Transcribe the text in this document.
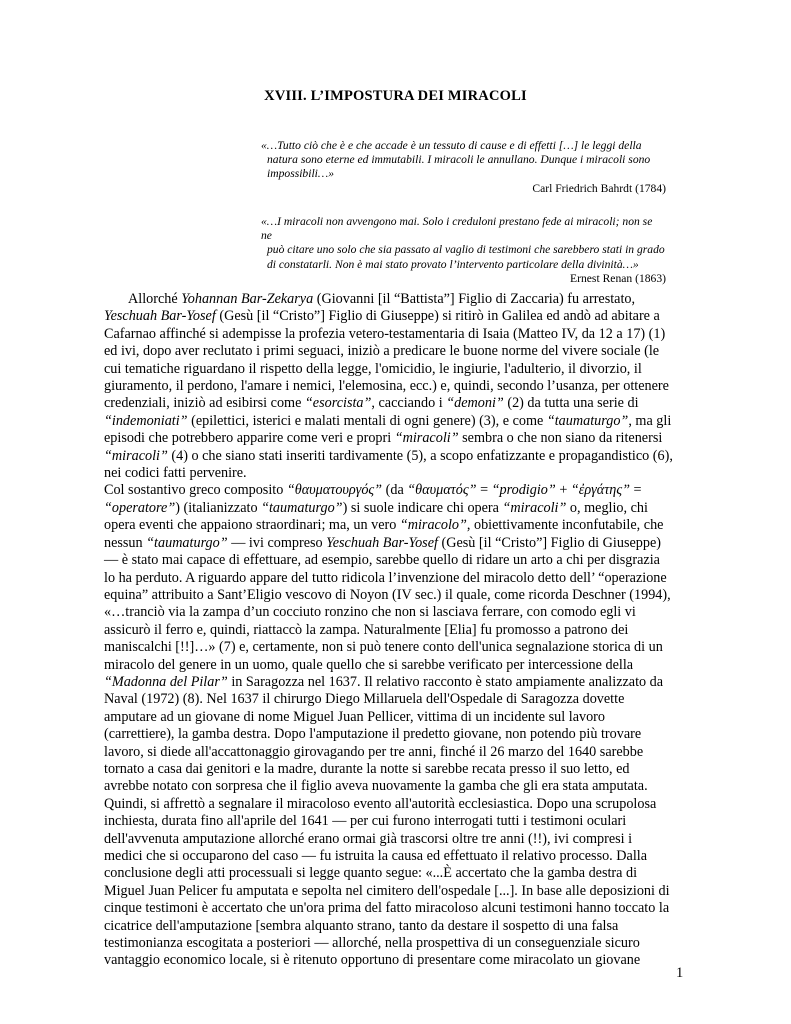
XVIII. L’IMPOSTURA DEI MIRACOLI

«…Tutto ciò che è e che accade è un tessuto di cause e di effetti […] le leggi della
natura sono eterne ed immutabili. I miracoli le annullano. Dunque i miracoli sono
impossibili…»

Carl Friedrich Bahrdt (1784)

«…I miracoli non avvengono mai. Solo i creduloni prestano fede ai miracoli; non se ne
può citare uno solo che sia passato al vaglio di testimoni che sarebbero stati in grado
di constatarli. Non è mai stato provato l’intervento particolare della divinità…»

Ernest Renan (1863)

Allorché Yohannan Bar-Zekarya (Giovanni [il “Battista”] Figlio di Zaccaria) fu arrestato,
Yeschuah Bar-Yosef (Gesù [il “Cristo”] Figlio di Giuseppe) si ritirò in Galilea ed andò ad abitare a
Cafarnao affinché si adempisse la profezia vetero-testamentaria di Isaia (Matteo IV, da 12 a 17) (1)
ed ivi, dopo aver reclutato i primi seguaci, iniziò a predicare le buone norme del vivere sociale (le
cui tematiche riguardano il rispetto della legge, l'omicidio, le ingiurie, l'adulterio, il divorzio, il
giuramento, il perdono, l'amare i nemici, l'elemosina, ecc.) e, quindi, secondo l’usanza, per ottenere
credenziali, iniziò ad esibirsi come “esorcista”, cacciando i “demoni” (2) da tutta una serie di
“indemoniati” (epilettici, isterici e malati mentali di ogni genere) (3), e come “taumaturgo”, ma gli
episodi che potrebbero apparire come veri e propri “miracoli” sembra o che non siano da ritenersi
“miracoli” (4) o che siano stati inseriti tardivamente (5), a scopo enfatizzante e propagandistico (6),
nei codici fatti pervenire.
Col sostantivo greco composito “θαυματουργός” (da “θαυματός” = “prodigio” + “ἐργάτης” =
“operatore”) (italianizzato “taumaturgo”) si suole indicare chi opera “miracoli” o, meglio, chi
opera eventi che appaiono straordinari; ma, un vero “miracolo”, obiettivamente inconfutabile, che
nessun “taumaturgo” ― ivi compreso Yeschuah Bar-Yosef (Gesù [il “Cristo”] Figlio di Giuseppe)
― è stato mai capace di effettuare, ad esempio, sarebbe quello di ridare un arto a chi per disgrazia
lo ha perduto. A riguardo appare del tutto ridicola l’invenzione del miracolo detto dell’ “operazione
equina” attribuito a Sant’Eligio vescovo di Noyon (IV sec.) il quale, come ricorda Deschner (1994),
«…tranciò via la zampa d’un cocciuto ronzino che non si lasciava ferrare, con comodo egli vi
assicurò il ferro e, quindi, riattaccò la zampa. Naturalmente [Elia] fu promosso a patrono dei
maniscalchi [!!]…» (7) e, certamente, non si può tenere conto dell'unica segnalazione storica di un
miracolo del genere in un uomo, quale quello che si sarebbe verificato per intercessione della
“Madonna del Pilar” in Saragozza nel 1637. Il relativo racconto è stato ampiamente analizzato da
Naval (1972) (8). Nel 1637 il chirurgo Diego Millaruela dell'Ospedale di Saragozza dovette
amputare ad un giovane di nome Miguel Juan Pellicer, vittima di un incidente sul lavoro
(carrettiere), la gamba destra. Dopo l'amputazione il predetto giovane, non potendo più trovare
lavoro, si diede all'accattonaggio girovagando per tre anni, finché il 26 marzo del 1640 sarebbe
tornato a casa dai genitori e la madre, durante la notte si sarebbe recata presso il suo letto, ed
avrebbe notato con sorpresa che il figlio aveva nuovamente la gamba che gli era stata amputata.
Quindi, si affrettò a segnalare il miracoloso evento all'autorità ecclesiastica. Dopo una scrupolosa
inchiesta, durata fino all'aprile del 1641 ― per cui furono interrogati tutti i testimoni oculari
dell'avvenuta amputazione allorché erano ormai già trascorsi oltre tre anni (!!), ivi compresi i
medici che si occuparono del caso ― fu istruita la causa ed effettuato il relativo processo. Dalla
conclusione degli atti processuali si legge quanto segue: «...È accertato che la gamba destra di
Miguel Juan Pelicer fu amputata e sepolta nel cimitero dell'ospedale [...]. In base alle deposizioni di
cinque testimoni è accertato che un'ora prima del fatto miracoloso alcuni testimoni hanno toccato la
cicatrice dell'amputazione [sembra alquanto strano, tanto da destare il sospetto di una falsa
testimonianza escogitata a posteriori ― allorché, nella prospettiva di un conseguenziale sicuro
vantaggio economico locale, si è ritenuto opportuno di presentare come miracolato un giovane
1
